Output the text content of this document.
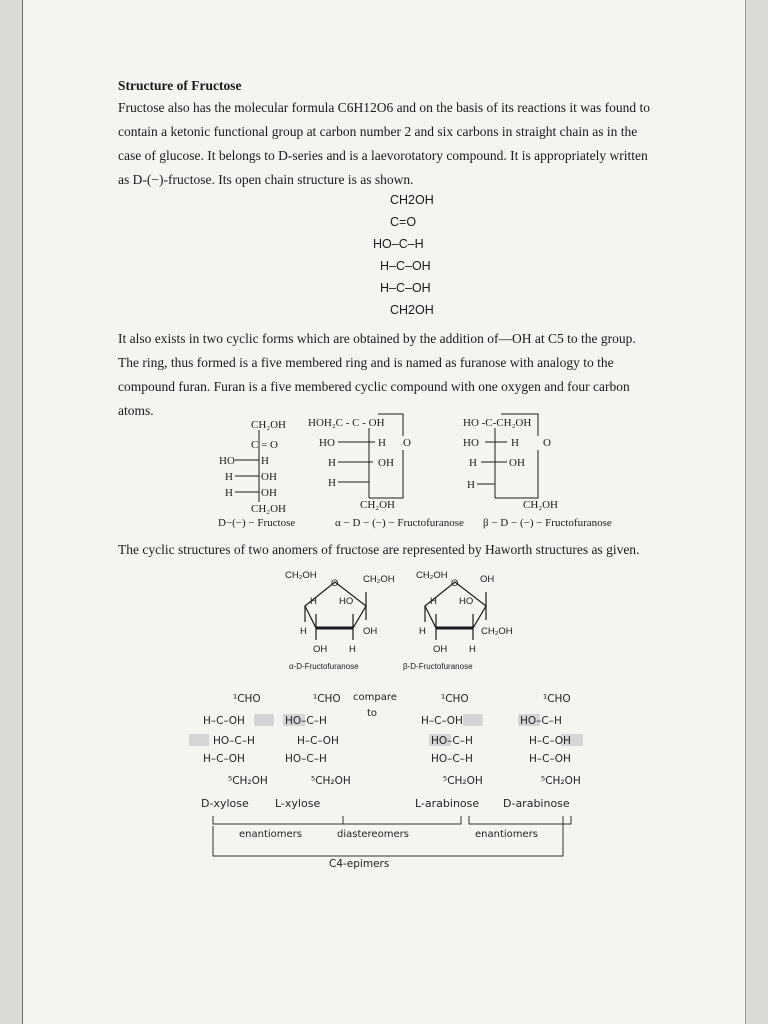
Structure of Fructose
Fructose also has the molecular formula C6H12O6 and on the basis of its reactions it was found to contain a ketonic functional group at carbon number 2 and six carbons in straight chain as in the case of glucose. It belongs to D-series and is a laevorotatory compound. It is appropriately written as D-(−)-fructose. Its open chain structure is as shown.
CH2OH
C=O
HO–C–H
H–C–OH
H–C–OH
CH2OH
It also exists in two cyclic forms which are obtained by the addition of—OH at C5 to the group. The ring, thus formed is a five membered ring and is named as furanose with analogy to the compound furan. Furan is a five membered cyclic compound with one oxygen and four carbon atoms.
CH₂OH
C = O
HO H
H	OH
H	OH
CH₂OH
HOH₂C - C - OH
HO	H O
H	OH
H
CH₂OH
HO -C-CH₂OH
HO	H O
H	OH
H
CH₂OH
D−(−) − Fructose	α − D − (−) − Fructofuranose β − D − (−) − Fructofuranose
The cyclic structures of two anomers of fructose are represented by Haworth structures as given.
CH₂OH
O	CH₂OH
H HO
H	OH
OH H
CH₂OH
O OH
H HO
H	CH₂OH
OH H
α-D-Fructofuranose	β-D-Fructofuranose
¹CHO
H–C–OH
HO–C–H
H–C–OH
⁵CH₂OH
¹CHO
HO–C–H
H–C–OH
HO–C–H
⁵CH₂OH
¹CHO
H–C–OH
HO–C–H
HO–C–H
⁵CH₂OH
¹CHO
HO–C–H
H–C–OH
H–C–OH
⁵CH₂OH
compare
to
D-xylose L-xylose	L-arabinose D-arabinose
enantiomers	diastereomers	enantiomers
C4-epimers
